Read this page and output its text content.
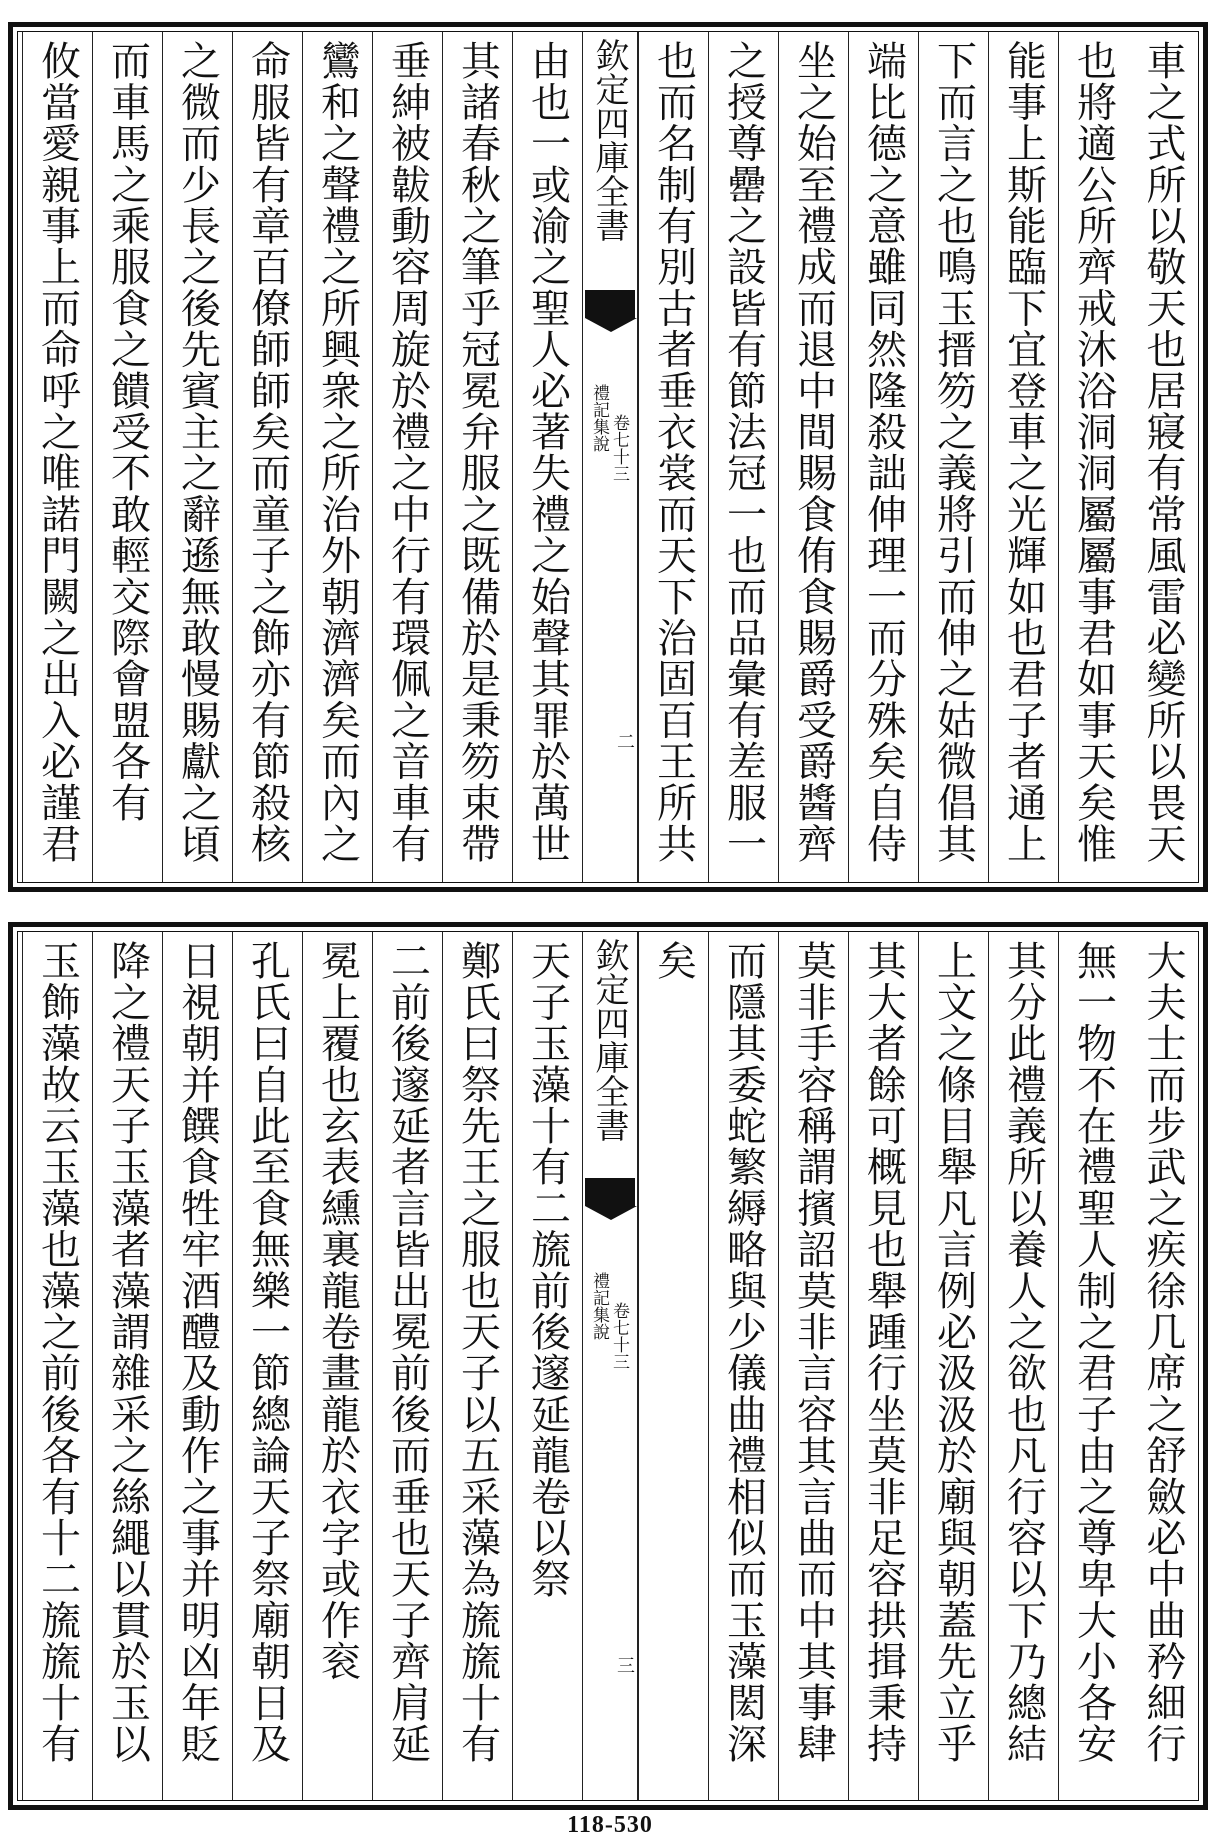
車之式所以敬天也居寢有常風雷必變所以畏天
也將適公所齊戒沐浴洞洞屬屬事君如事天矣惟
能事上斯能臨下宜登車之光輝如也君子者通上
下而言之也鳴玉搢笏之義將引而伸之姑微倡其
端比德之意雖同然隆殺詘伸理一而分殊矣自侍
坐之始至禮成而退中間賜食侑食賜爵受爵醬齊
之授尊罍之設皆有節法冠一也而品彙有差服一
也而名制有別古者垂衣裳而天下治固百王所共
欽定四庫全書
禮記集說 卷七十三
二
由也一或渝之聖人必著失禮之始聲其罪於萬世
其諸春秋之筆乎冠冕弁服之既備於是秉笏束帶
垂紳被韍動容周旋於禮之中行有環佩之音車有
鸞和之聲禮之所興衆之所治外朝濟濟矣而內之
命服皆有章百僚師師矣而童子之飾亦有節殺核
之微而少長之後先賓主之辭遜無敢慢賜獻之頃
而車馬之乘服食之饋受不敢輕交際會盟各有
攸當愛親事上而命呼之唯諾門闕之出入必謹君
大夫士而步武之疾徐几席之舒斂必中曲矜細行
無一物不在禮聖人制之君子由之尊卑大小各安
其分此禮義所以養人之欲也凡行容以下乃總結
上文之條目舉凡言例必汲汲於廟與朝蓋先立乎
其大者餘可概見也舉踵行坐莫非足容拱揖秉持
莫非手容稱謂擯詔莫非言容其言曲而中其事肆
而隱其委蛇繁縟略與少儀曲禮相似而玉藻閎深
矣
欽定四庫全書
禮記集說 卷七十三
三
天子玉藻十有二旒前後邃延龍卷以祭
鄭氏曰祭先王之服也天子以五采藻為旒旒十有
二前後邃延者言皆出冕前後而垂也天子齊肩延
冕上覆也玄表纁裏龍卷畫龍於衣字或作衮
孔氏曰自此至食無樂一節總論天子祭廟朝日及
日視朝并饌食牲牢酒醴及動作之事并明凶年貶
降之禮天子玉藻者藻謂雜采之絲繩以貫於玉以
玉飾藻故云玉藻也藻之前後各有十二旒旒十有
118-530
